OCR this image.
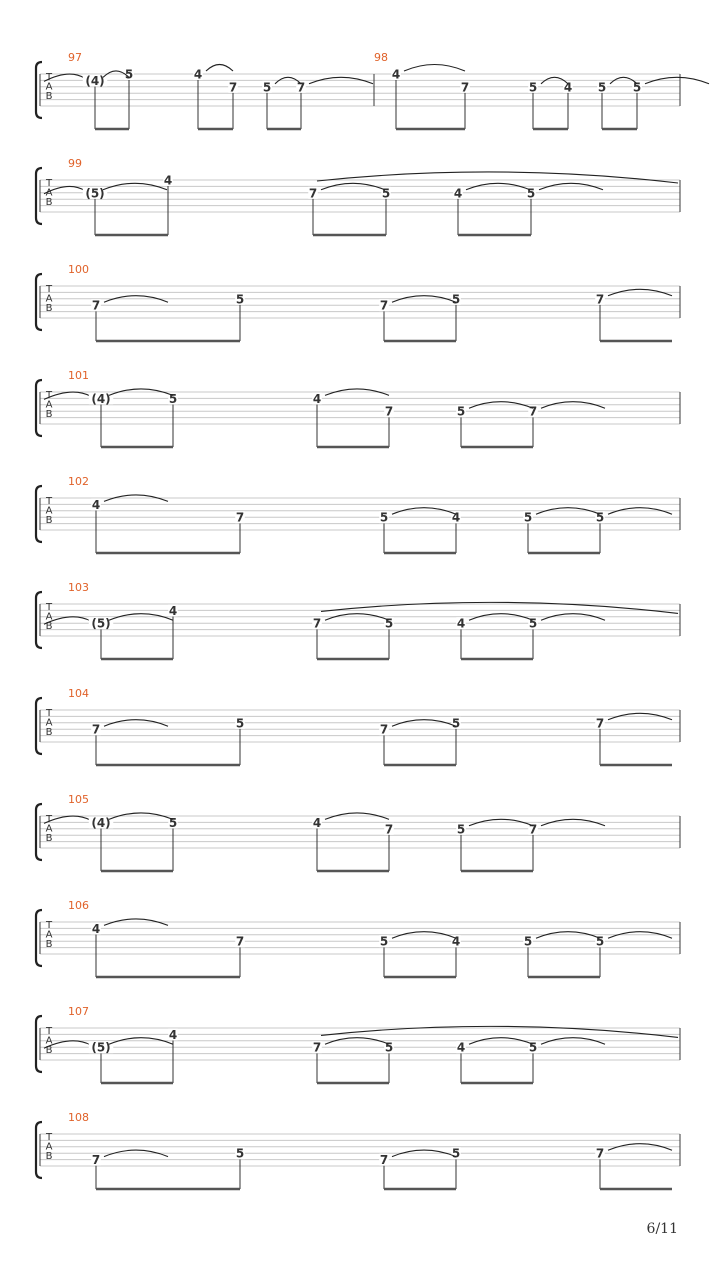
T
A
B
97
(4) 5	4
7 5 7
98
4
7	5 4 5 5
T
A
B
99
(5)
4
7	5	4	5
T
A
B
100
7	5	7	5	7
T
A
B
101
(4)	5	4
7	5	7
T
A
B
102
4
7	5	4	5	5
T
A
B
103
(5)
4
7	5	4	5
T
A
B
104
7	5	7	5	7
T
A
B
105
(4)	5	4	7	5	7
T
A
B
106
4
7	5	4	5	5
T
A
B
107
(5)
4
7	5	4	5
T
A
B
108
7	5	7	5	7
6/11
